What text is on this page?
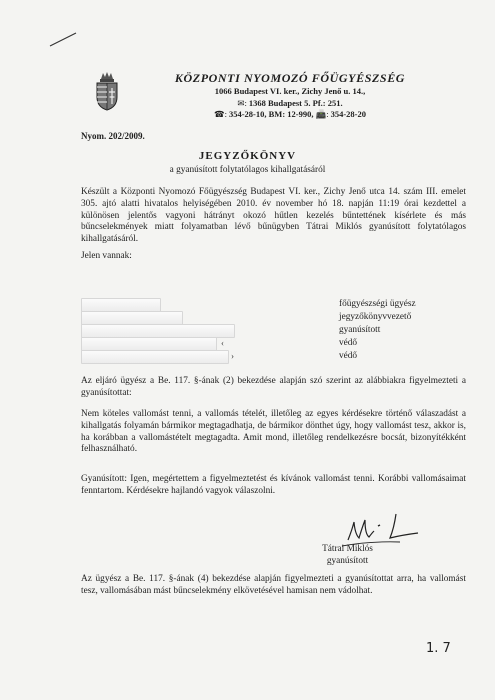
KÖZPONTI NYOMOZÓ FŐÜGYÉSZSÉG
1066 Budapest VI. ker., Zichy Jenő u. 14.,
✉: 1368 Budapest 5. Pf.: 251.
☎: 354-28-10, BM: 12-990, 📠: 354-28-20
Nyom. 202/2009.
JEGYZŐKÖNYV
a gyanúsított folytatólagos kihallgatásáról
Készült a Központi Nyomozó Főügyészség Budapest VI. ker., Zichy Jenő utca 14. szám III. emelet 305. ajtó alatti hivatalos helyiségében 2010. év november hó 18. napján 11:19 órai kezdettel a különösen jelentős vagyoni hátrányt okozó hűtlen kezelés bűntettének kísérlete és más bűncselekmények miatt folyamatban lévő bűnügyben Tátrai Miklós gyanúsított folytatólagos kihallgatásáról.
Jelen vannak:
főügyészségi ügyész
jegyzőkönyvvezető
gyanúsított
‹	védő
›	védő
Az eljáró ügyész a Be. 117. §-ának (2) bekezdése alapján szó szerint az alábbiakra figyelmezteti a gyanúsítottat:
Nem köteles vallomást tenni, a vallomás tételét, illetőleg az egyes kérdésekre történő válaszadást a kihallgatás folyamán bármikor megtagadhatja, de bármikor dönthet úgy, hogy vallomást tesz, akkor is, ha korábban a vallomástételt megtagadta. Amit mond, illetőleg rendelkezésre bocsát, bizonyítékként felhasználható.
Gyanúsított: Igen, megértettem a figyelmeztetést és kívánok vallomást tenni. Korábbi vallomásaimat fenntartom. Kérdésekre hajlandó vagyok válaszolni.
Tátrai Miklós
gyanúsított
Az ügyész a Be. 117. §-ának (4) bekezdése alapján figyelmezteti a gyanúsítottat arra, ha vallomást tesz, vallomásában mást bűncselekmény elkövetésével hamisan nem vádolhat.
1. 7
